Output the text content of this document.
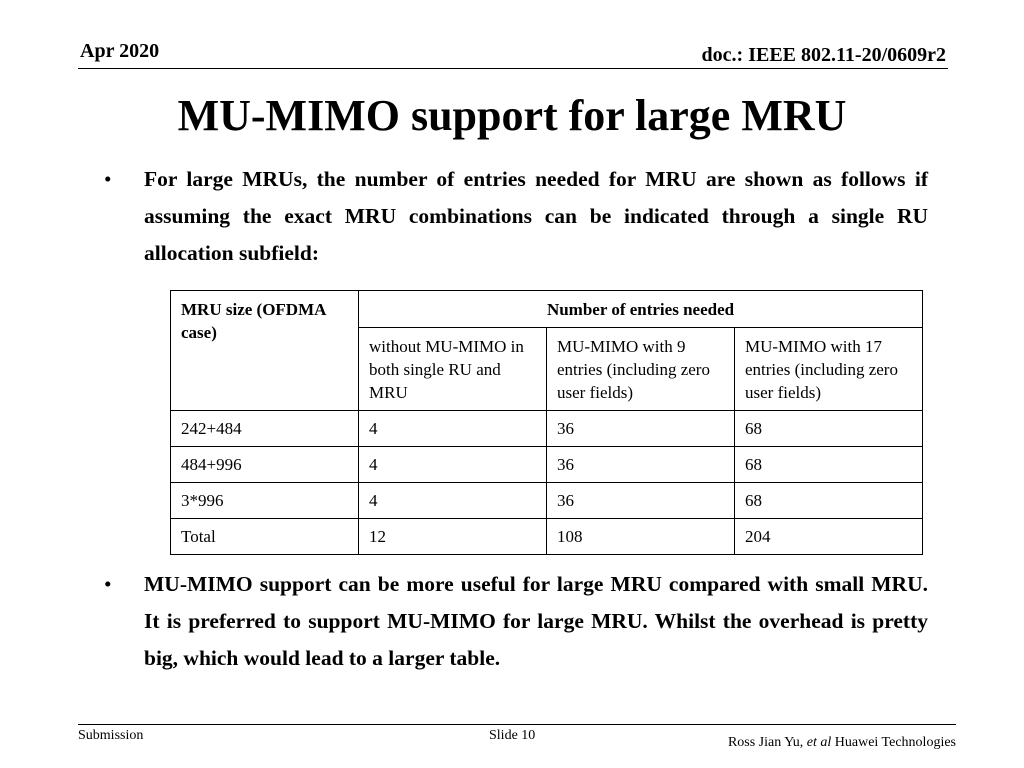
Apr 2020	doc.: IEEE 802.11-20/0609r2
MU-MIMO support for large MRU
• For large MRUs, the number of entries needed for MRU are shown as follows if assuming the exact MRU combinations can be indicated through a single RU allocation subfield:
MRU size (OFDMA case)	Number of entries needed		
	without MU-MIMO in both single RU and MRU	MU-MIMO with 9 entries (including zero user fields)	MU-MIMO with 17 entries (including zero user fields)
242+484	4	36	68
484+996	4	36	68
3*996	4	36	68
Total	12	108	204
• MU-MIMO support can be more useful for large MRU compared with small MRU. It is preferred to support MU-MIMO for large MRU. Whilst the overhead is pretty big, which would lead to a larger table.
Submission	Slide 10	Ross Jian Yu, et al Huawei Technologies
